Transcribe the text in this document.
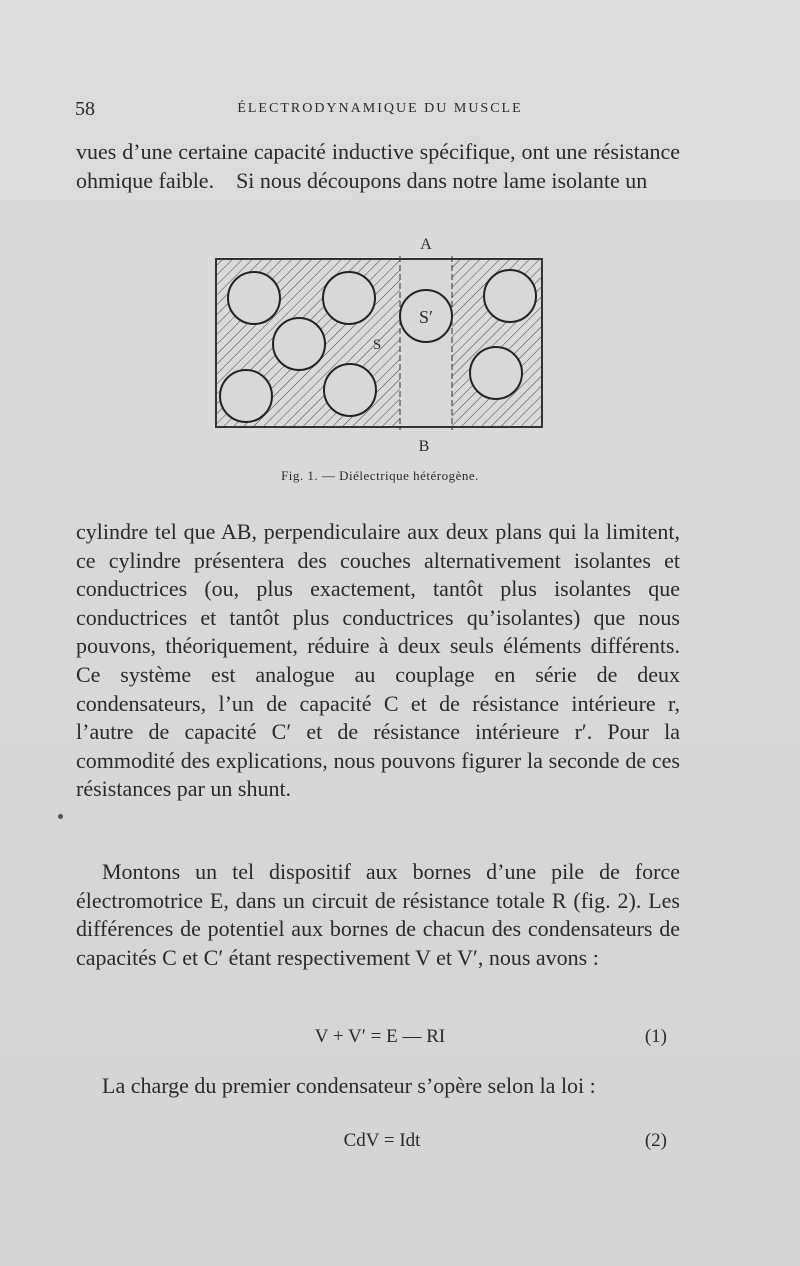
58	ÉLECTRODYNAMIQUE DU MUSCLE

vues d’une certaine capacité inductive spécifique, ont une résistance ohmique faible. Si nous découpons dans notre lame isolante un

A
B
S
S′
Fig. 1. — Diélectrique hétérogène.

cylindre tel que AB, perpendiculaire aux deux plans qui la limitent, ce cylindre présentera des couches alternativement isolantes et conductrices (ou, plus exactement, tantôt plus isolantes que conductrices et tantôt plus conductrices qu’isolantes) que nous pouvons, théoriquement, réduire à deux seuls éléments différents. Ce système est analogue au couplage en série de deux condensateurs, l’un de capacité C et de résistance intérieure r, l’autre de capacité C′ et de résistance intérieure r′. Pour la commodité des explications, nous pouvons figurer la seconde de ces résistances par un shunt.

Montons un tel dispositif aux bornes d’une pile de force électromotrice E, dans un circuit de résistance totale R (fig. 2). Les différences de potentiel aux bornes de chacun des condensateurs de capacités C et C′ étant respectivement V et V′, nous avons :

V + V′ = E — RI	(1)

La charge du premier condensateur s’opère selon la loi :

CdV = Idt	(2)
